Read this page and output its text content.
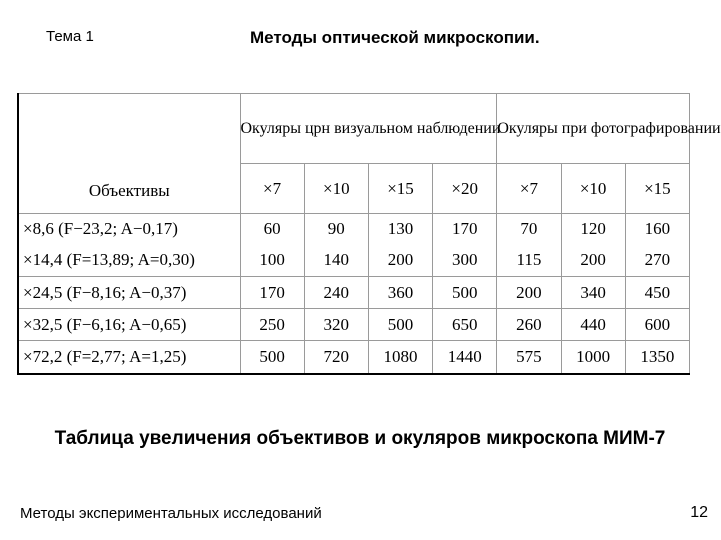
Тема 1	Методы оптической микроскопии.
Объективы	Окуляры црн визуальном наблюдении				Окуляры при фотографировании		
	×7	×10	×15	×20	×7	×10	×15
×8,6 (F−23,2; A−0,17)	60	90	130	170	70	120	160
×14,4 (F=13,89; A=0,30)	100	140	200	300	115	200	270
×24,5 (F−8,16; A−0,37)	170	240	360	500	200	340	450
×32,5 (F−6,16; A−0,65)	250	320	500	650	260	440	600
×72,2 (F=2,77; A=1,25)	500	720	1080	1440	575	1000	1350
Таблица увеличения объективов и окуляров микроскопа МИМ-7
Методы экспериментальных исследований	12
